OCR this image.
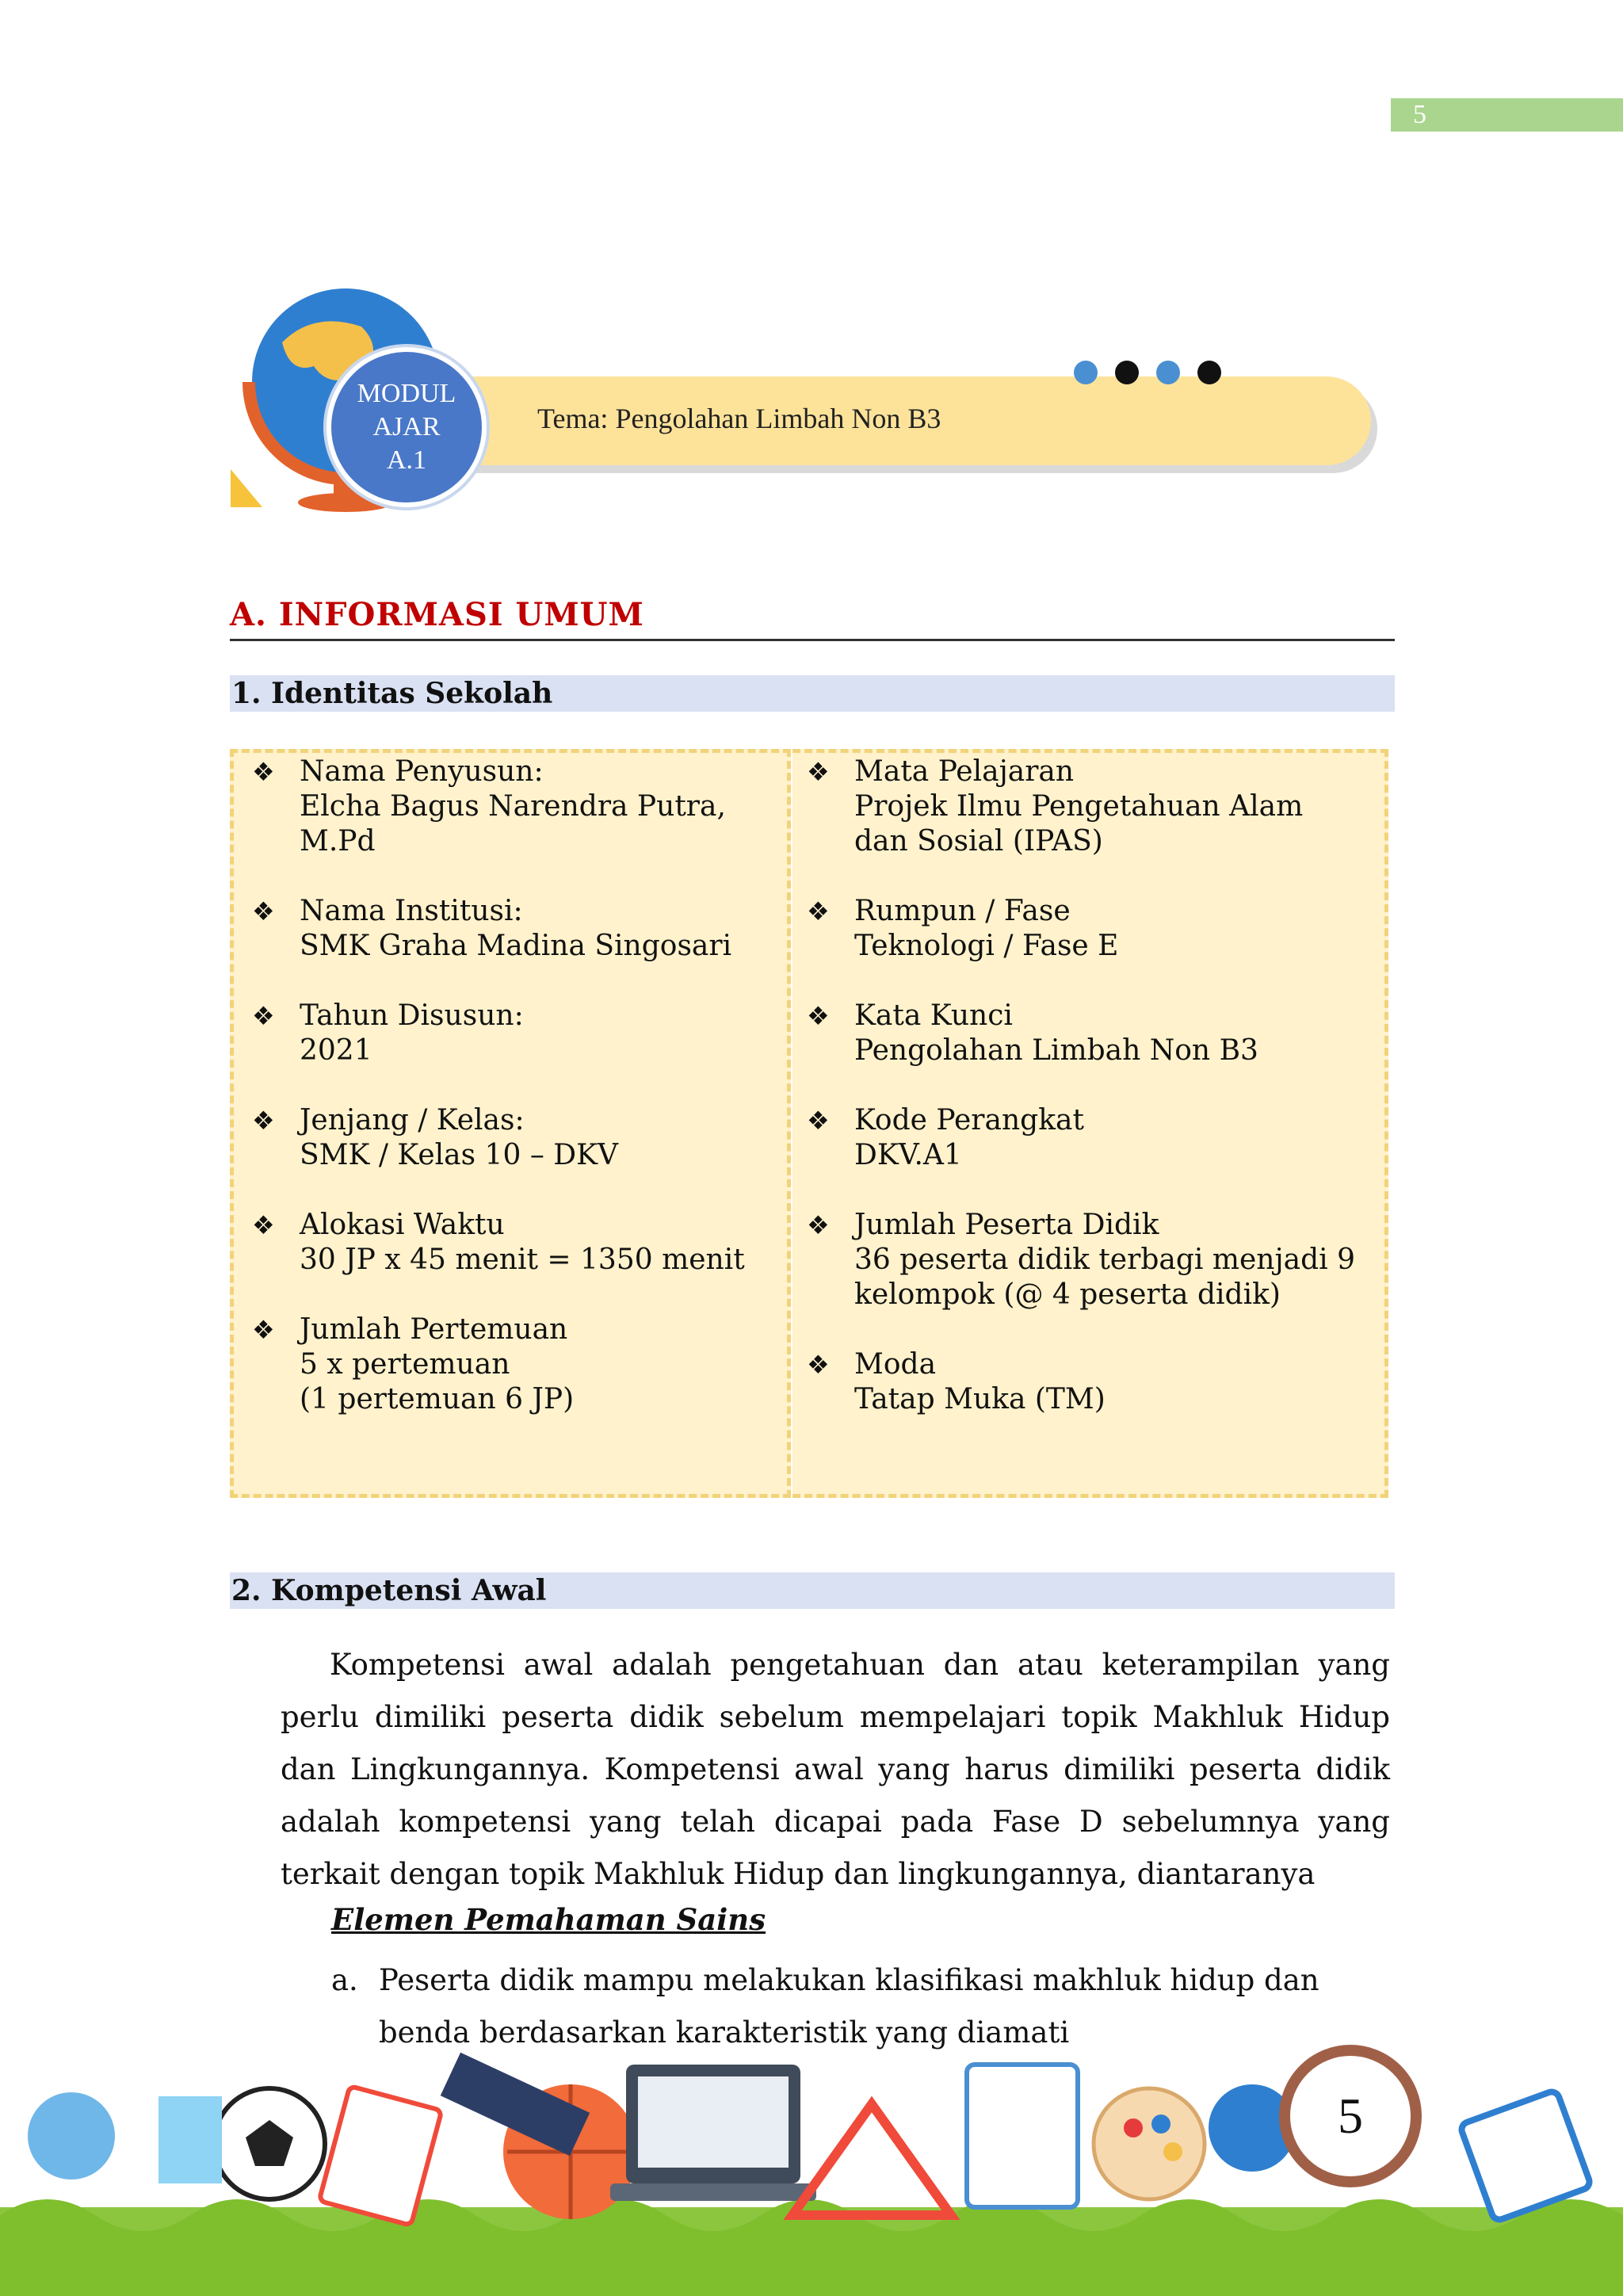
5
Tema: Pengolahan Limbah Non B3
MODUL
AJAR
A.1
A. INFORMASI UMUM
1. Identitas Sekolah
❖ Nama Penyusun:
Elcha Bagus Narendra Putra,
M.Pd
❖ Nama Institusi:
SMK Graha Madina Singosari
❖ Tahun Disusun:
2021
❖ Jenjang / Kelas:
SMK / Kelas 10 – DKV
❖ Alokasi Waktu
30 JP x 45 menit = 1350 menit
❖ Jumlah Pertemuan
5 x pertemuan
(1 pertemuan 6 JP)
❖ Mata Pelajaran
Projek Ilmu Pengetahuan Alam
dan Sosial (IPAS)
❖ Rumpun / Fase
Teknologi / Fase E
❖ Kata Kunci
Pengolahan Limbah Non B3
❖ Kode Perangkat
DKV.A1
❖ Jumlah Peserta Didik
36 peserta didik terbagi menjadi 9
kelompok (@ 4 peserta didik)
❖ Moda
Tatap Muka (TM)
2. Kompetensi Awal
Kompetensi awal adalah pengetahuan dan atau keterampilan yang perlu dimiliki peserta didik sebelum mempelajari topik Makhluk Hidup dan Lingkungannya. Kompetensi awal yang harus dimiliki peserta didik adalah kompetensi yang telah dicapai pada Fase D sebelumnya yang terkait dengan topik Makhluk Hidup dan lingkungannya, diantaranya
Elemen Pemahaman Sains
a. Peserta didik mampu melakukan klasifikasi makhluk hidup dan benda berdasarkan karakteristik yang diamati
5
